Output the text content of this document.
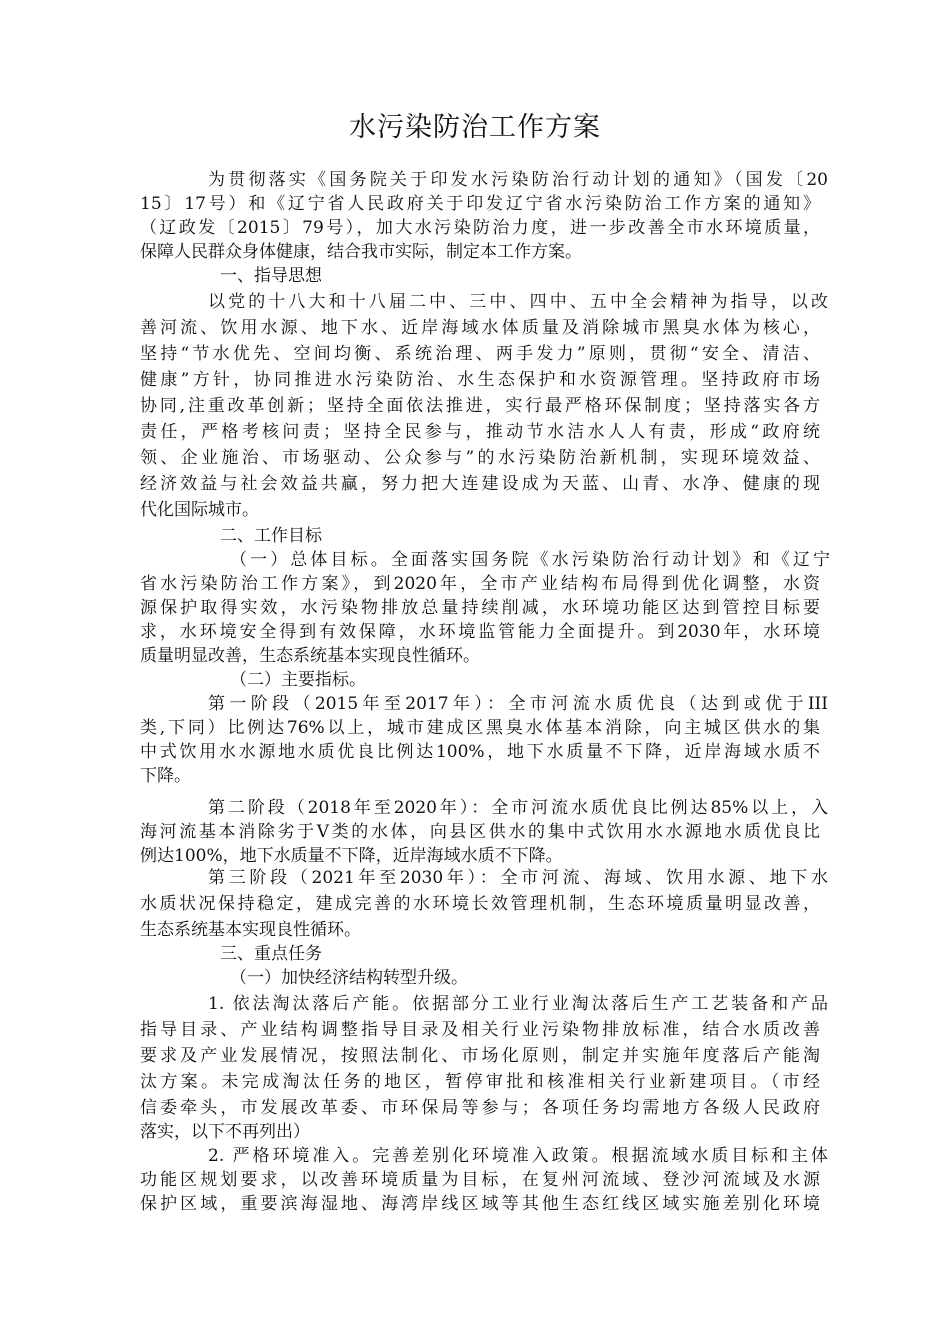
水污染防治工作方案
为贯彻落实《国务院关于印发水污染防治行动计划的通知》（国发〔20
15〕17号）和《辽宁省人民政府关于印发辽宁省水污染防治工作方案的通知》
（辽政发〔2015〕79号），加大水污染防治力度，进一步改善全市水环境质量，
保障人民群众身体健康，结合我市实际，制定本工作方案。
一、指导思想
以党的十八大和十八届二中、三中、四中、五中全会精神为指导，以改
善河流、饮用水源、地下水、近岸海域水体质量及消除城市黑臭水体为核心，
坚持“节水优先、空间均衡、系统治理、两手发力”原则，贯彻“安全、清洁、
健康”方针，协同推进水污染防治、水生态保护和水资源管理。坚持政府市场
协同,注重改革创新；坚持全面依法推进，实行最严格环保制度；坚持落实各方
责任，严格考核问责；坚持全民参与，推动节水洁水人人有责，形成“政府统
领、企业施治、市场驱动、公众参与”的水污染防治新机制，实现环境效益、
经济效益与社会效益共赢，努力把大连建设成为天蓝、山青、水净、健康的现
代化国际城市。
二、工作目标
（一）总体目标。全面落实国务院《水污染防治行动计划》和《辽宁
省水污染防治工作方案》，到2020年，全市产业结构布局得到优化调整，水资
源保护取得实效，水污染物排放总量持续削减，水环境功能区达到管控目标要
求，水环境安全得到有效保障，水环境监管能力全面提升。到2030年，水环境
质量明显改善，生态系统基本实现良性循环。
（二）主要指标。
第一阶段（2015年至2017年）：全市河流水质优良（达到或优于III
类,下同）比例达76%以上，城市建成区黑臭水体基本消除，向主城区供水的集
中式饮用水水源地水质优良比例达100%，地下水质量不下降，近岸海域水质不
下降。
第二阶段（2018年至2020年）：全市河流水质优良比例达85%以上，入
海河流基本消除劣于V类的水体，向县区供水的集中式饮用水水源地水质优良比
例达100%，地下水质量不下降，近岸海域水质不下降。
第三阶段（2021年至2030年）：全市河流、海域、饮用水源、地下水
水质状况保持稳定，建成完善的水环境长效管理机制，生态环境质量明显改善，
生态系统基本实现良性循环。
三、重点任务
（一）加快经济结构转型升级。
1. 依法淘汰落后产能。依据部分工业行业淘汰落后生产工艺装备和产品
指导目录、产业结构调整指导目录及相关行业污染物排放标准，结合水质改善
要求及产业发展情况，按照法制化、市场化原则，制定并实施年度落后产能淘
汰方案。未完成淘汰任务的地区，暂停审批和核准相关行业新建项目。（市经
信委牵头，市发展改革委、市环保局等参与；各项任务均需地方各级人民政府
落实，以下不再列出）
2. 严格环境准入。完善差别化环境准入政策。根据流域水质目标和主体
功能区规划要求，以改善环境质量为目标，在复州河流域、登沙河流域及水源
保护区域，重要滨海湿地、海湾岸线区域等其他生态红线区域实施差别化环境
